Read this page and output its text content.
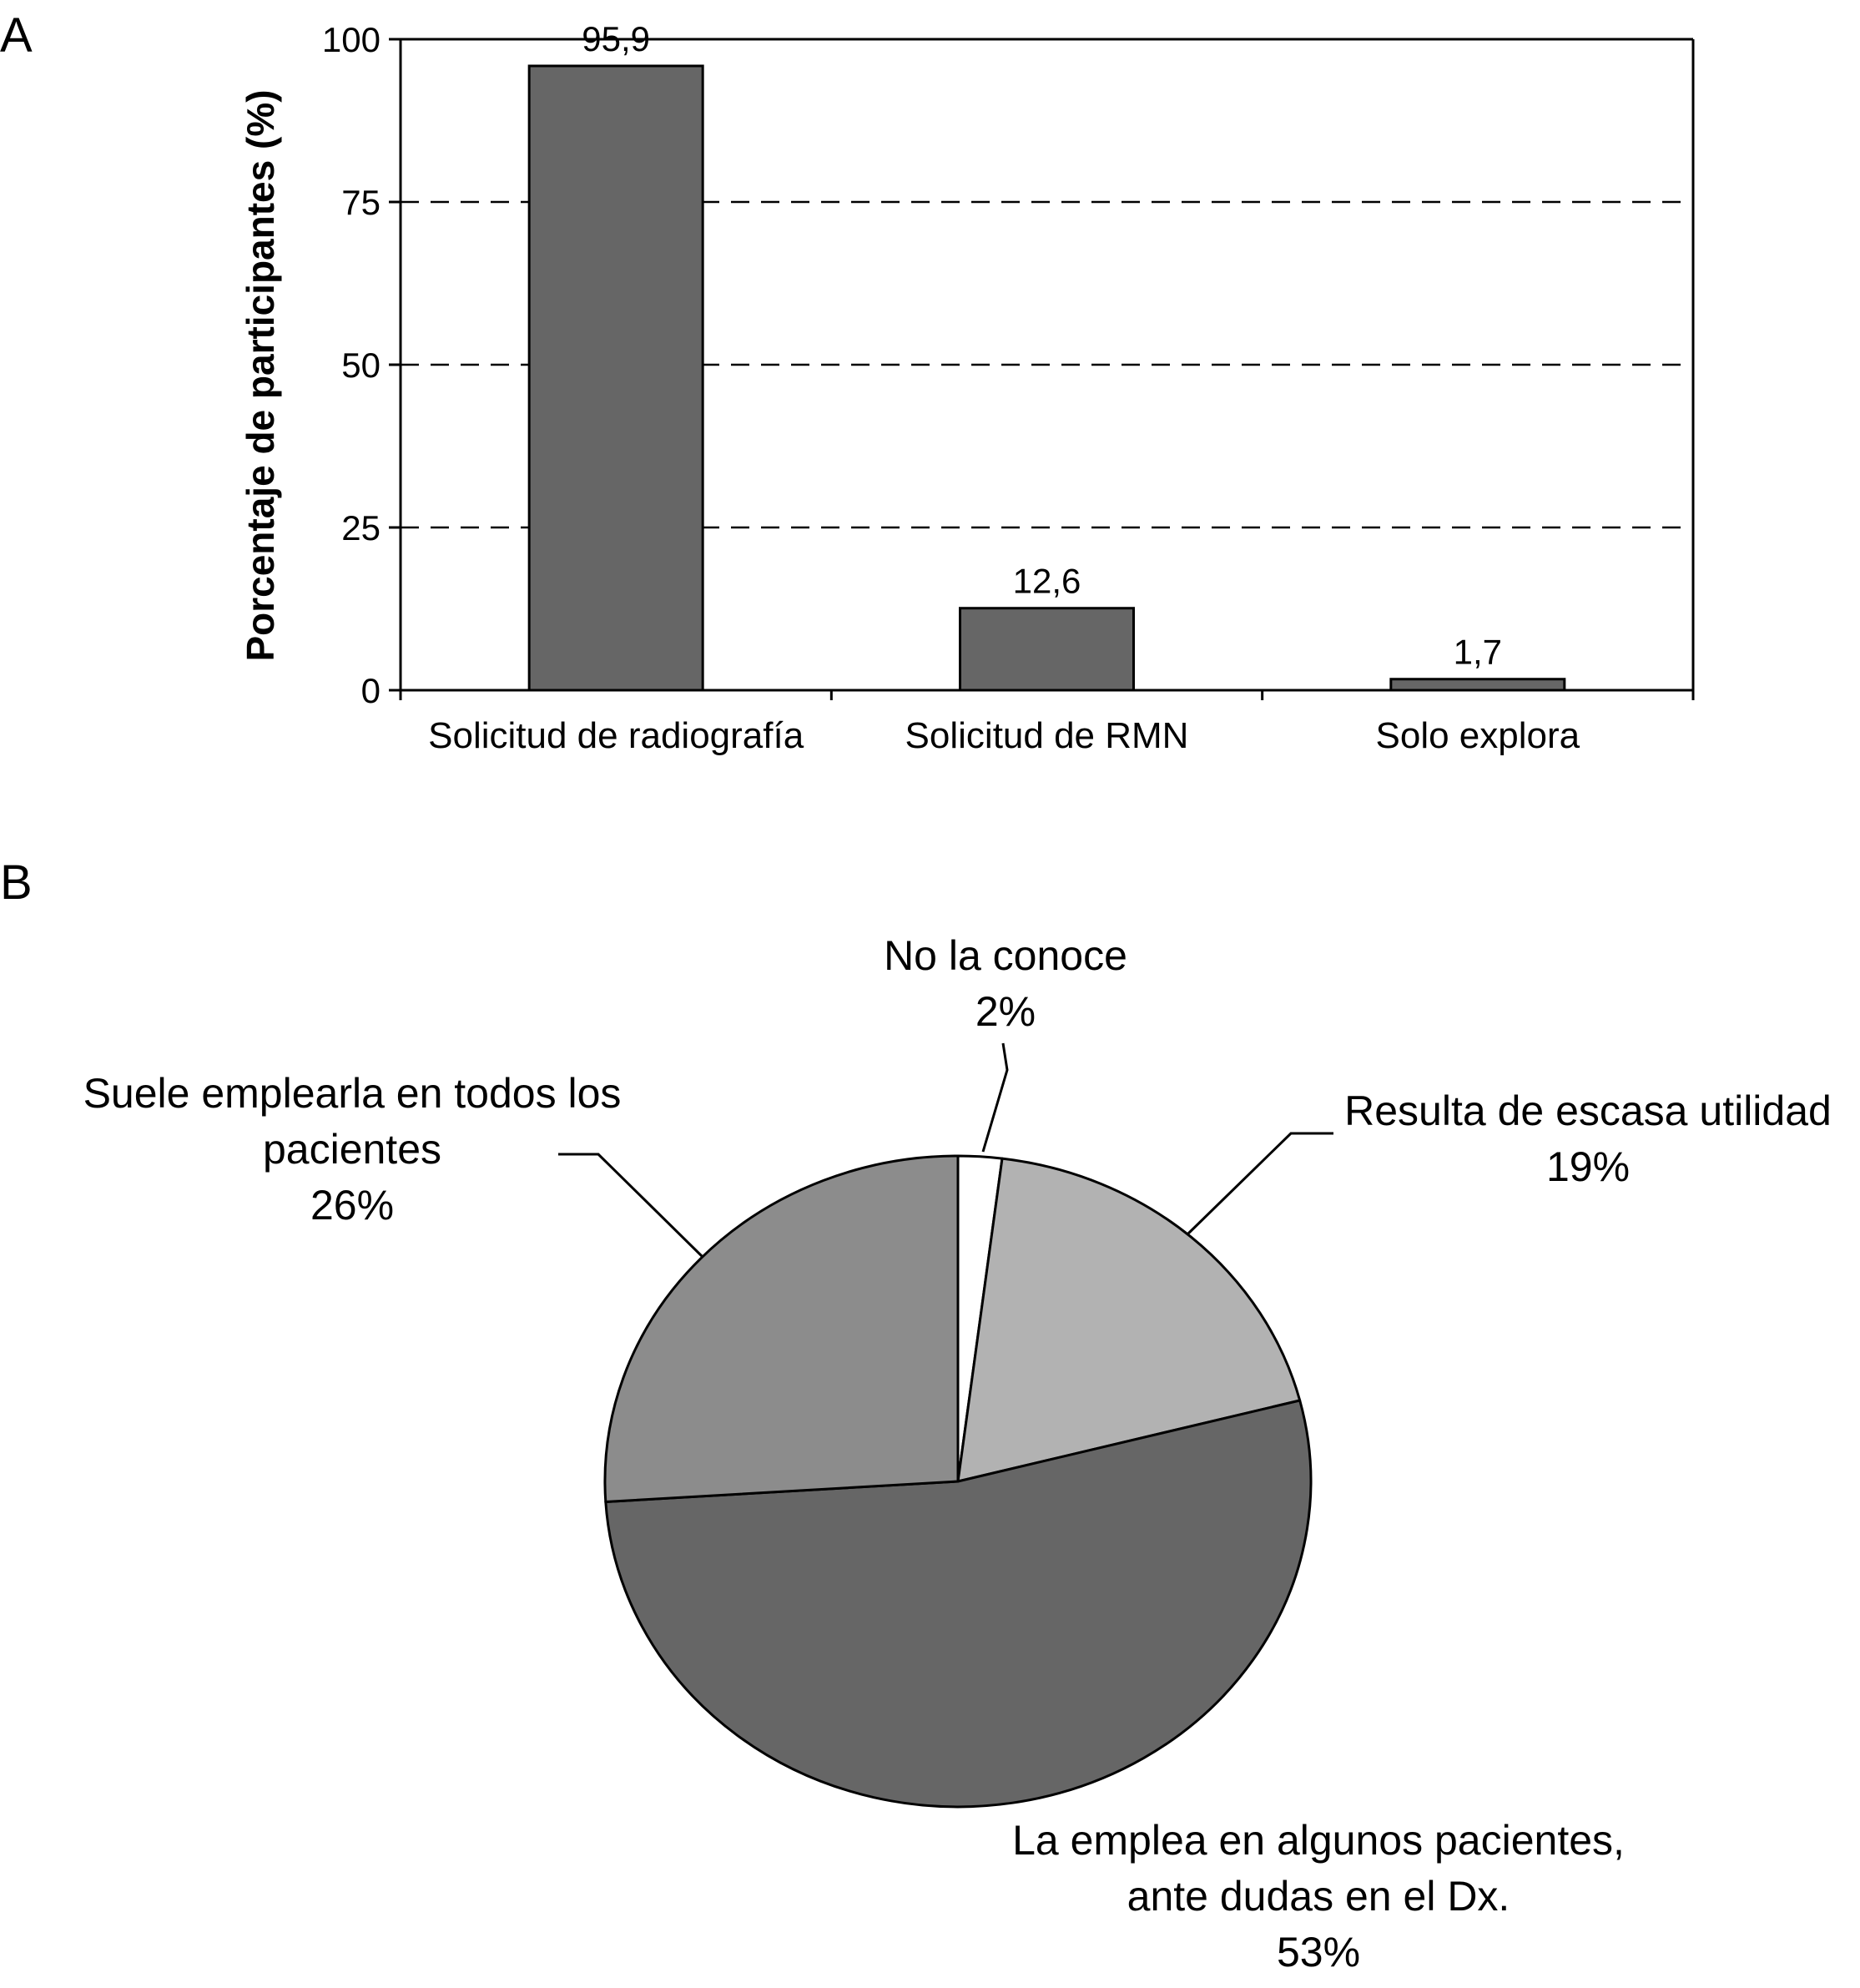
A
B
0
25
50
75
100
Solicitud de radiografía	Solicitud de RMN	Solo explora
95,9
12,6
1,7
Porcentaje de participantes (%)
No la conoce
2%
Resulta de escasa utilidad
19%
La emplea en algunos pacientes,
ante dudas en el Dx.
53%
Suele emplearla en todos los
pacientes
26%
